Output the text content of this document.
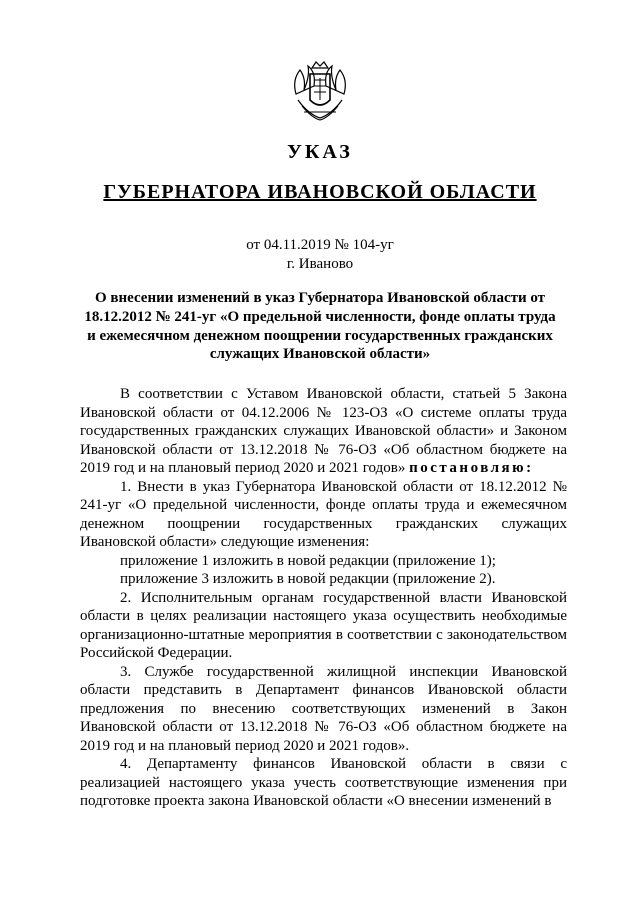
УКАЗ
ГУБЕРНАТОРА ИВАНОВСКОЙ ОБЛАСТИ
от 04.11.2019 № 104-уг
г. Иваново
О внесении изменений в указ Губернатора Ивановской области от 18.12.2012 № 241-уг «О предельной численности, фонде оплаты труда и ежемесячном денежном поощрении государственных гражданских служащих Ивановской области»

В соответствии с Уставом Ивановской области, статьей 5 Закона Ивановской области от 04.12.2006 № 123-ОЗ «О системе оплаты труда государственных гражданских служащих Ивановской области» и Законом Ивановской области от 13.12.2018 № 76-ОЗ «Об областном бюджете на 2019 год и на плановый период 2020 и 2021 годов» постановляю:

1. Внести в указ Губернатора Ивановской области от 18.12.2012 № 241-уг «О предельной численности, фонде оплаты труда и ежемесячном денежном поощрении государственных гражданских служащих Ивановской области» следующие изменения:

приложение 1 изложить в новой редакции (приложение 1);

приложение 3 изложить в новой редакции (приложение 2).

2. Исполнительным органам государственной власти Ивановской области в целях реализации настоящего указа осуществить необходимые организационно-штатные мероприятия в соответствии с законодательством Российской Федерации.

3. Службе государственной жилищной инспекции Ивановской области представить в Департамент финансов Ивановской области предложения по внесению соответствующих изменений в Закон Ивановской области от 13.12.2018 № 76-ОЗ «Об областном бюджете на 2019 год и на плановый период 2020 и 2021 годов».

4. Департаменту финансов Ивановской области в связи с реализацией настоящего указа учесть соответствующие изменения при подготовке проекта закона Ивановской области «О внесении изменений в
